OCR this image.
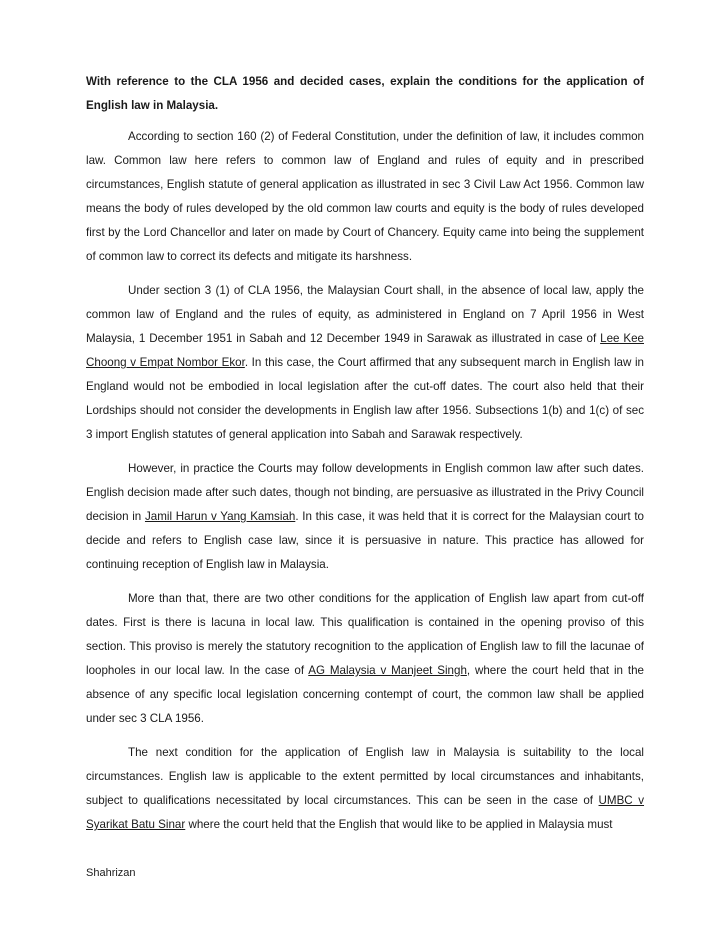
With reference to the CLA 1956 and decided cases, explain the conditions for the application of English law in Malaysia.

According to section 160 (2) of Federal Constitution, under the definition of law, it includes common law. Common law here refers to common law of England and rules of equity and in prescribed circumstances, English statute of general application as illustrated in sec 3 Civil Law Act 1956. Common law means the body of rules developed by the old common law courts and equity is the body of rules developed first by the Lord Chancellor and later on made by Court of Chancery. Equity came into being the supplement of common law to correct its defects and mitigate its harshness.

Under section 3 (1) of CLA 1956, the Malaysian Court shall, in the absence of local law, apply the common law of England and the rules of equity, as administered in England on 7 April 1956 in West Malaysia, 1 December 1951 in Sabah and 12 December 1949 in Sarawak as illustrated in case of Lee Kee Choong v Empat Nombor Ekor. In this case, the Court affirmed that any subsequent march in English law in England would not be embodied in local legislation after the cut-off dates. The court also held that their Lordships should not consider the developments in English law after 1956. Subsections 1(b) and 1(c) of sec 3 import English statutes of general application into Sabah and Sarawak respectively.

However, in practice the Courts may follow developments in English common law after such dates. English decision made after such dates, though not binding, are persuasive as illustrated in the Privy Council decision in Jamil Harun v Yang Kamsiah. In this case, it was held that it is correct for the Malaysian court to decide and refers to English case law, since it is persuasive in nature. This practice has allowed for continuing reception of English law in Malaysia.

More than that, there are two other conditions for the application of English law apart from cut-off dates. First is there is lacuna in local law. This qualification is contained in the opening proviso of this section. This proviso is merely the statutory recognition to the application of English law to fill the lacunae of loopholes in our local law. In the case of AG Malaysia v Manjeet Singh, where the court held that in the absence of any specific local legislation concerning contempt of court, the common law shall be applied under sec 3 CLA 1956.

The next condition for the application of English law in Malaysia is suitability to the local circumstances. English law is applicable to the extent permitted by local circumstances and inhabitants, subject to qualifications necessitated by local circumstances. This can be seen in the case of UMBC v Syarikat Batu Sinar where the court held that the English that would like to be applied in Malaysia must

Shahrizan
